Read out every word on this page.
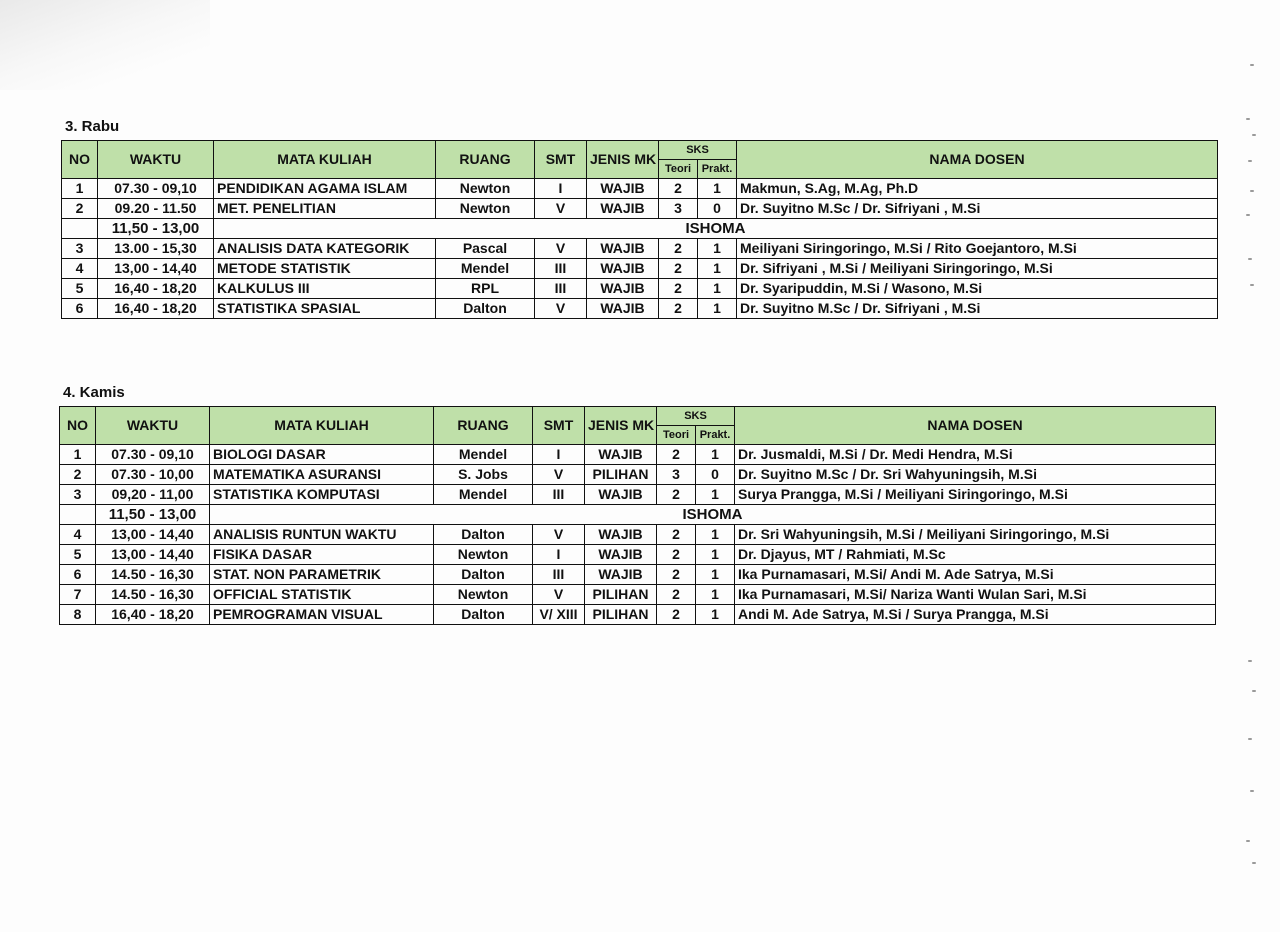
3. Rabu
NO	WAKTU	MATA KULIAH	RUANG	SMT	JENIS MK	SKS		NAMA DOSEN
						Teori	Prakt.	
1	07.30 - 09,10	PENDIDIKAN AGAMA ISLAM	Newton	I	WAJIB	2	1	Makmun, S.Ag, M.Ag, Ph.D
2	09.20 - 11.50	MET. PENELITIAN	Newton	V	WAJIB	3	0	Dr. Suyitno M.Sc / Dr. Sifriyani , M.Si
	11,50 - 13,00	ISHOMA						
3	13.00 - 15,30	ANALISIS DATA KATEGORIK	Pascal	V	WAJIB	2	1	Meiliyani Siringoringo, M.Si / Rito Goejantoro, M.Si
4	13,00 - 14,40	METODE STATISTIK	Mendel	III	WAJIB	2	1	Dr. Sifriyani , M.Si / Meiliyani Siringoringo, M.Si
5	16,40 - 18,20	KALKULUS III	RPL	III	WAJIB	2	1	Dr. Syaripuddin, M.Si / Wasono, M.Si
6	16,40 - 18,20	STATISTIKA SPASIAL	Dalton	V	WAJIB	2	1	Dr. Suyitno M.Sc / Dr. Sifriyani , M.Si
4. Kamis
NO	WAKTU	MATA KULIAH	RUANG	SMT	JENIS MK	SKS		NAMA DOSEN
						Teori	Prakt.	
1	07.30 - 09,10	BIOLOGI DASAR	Mendel	I	WAJIB	2	1	Dr. Jusmaldi, M.Si / Dr. Medi Hendra, M.Si
2	07.30 - 10,00	MATEMATIKA ASURANSI	S. Jobs	V	PILIHAN	3	0	Dr. Suyitno M.Sc / Dr. Sri Wahyuningsih, M.Si
3	09,20 - 11,00	STATISTIKA KOMPUTASI	Mendel	III	WAJIB	2	1	Surya Prangga, M.Si / Meiliyani Siringoringo, M.Si
	11,50 - 13,00	ISHOMA						
4	13,00 - 14,40	ANALISIS RUNTUN WAKTU	Dalton	V	WAJIB	2	1	Dr. Sri Wahyuningsih, M.Si / Meiliyani Siringoringo, M.Si
5	13,00 - 14,40	FISIKA DASAR	Newton	I	WAJIB	2	1	Dr. Djayus, MT / Rahmiati, M.Sc
6	14.50 - 16,30	STAT. NON PARAMETRIK	Dalton	III	WAJIB	2	1	Ika Purnamasari, M.Si/ Andi M. Ade Satrya, M.Si
7	14.50 - 16,30	OFFICIAL STATISTIK	Newton	V	PILIHAN	2	1	Ika Purnamasari, M.Si/ Nariza Wanti Wulan Sari, M.Si
8	16,40 - 18,20	PEMROGRAMAN VISUAL	Dalton	V/ XIII	PILIHAN	2	1	Andi M. Ade Satrya, M.Si / Surya Prangga, M.Si
